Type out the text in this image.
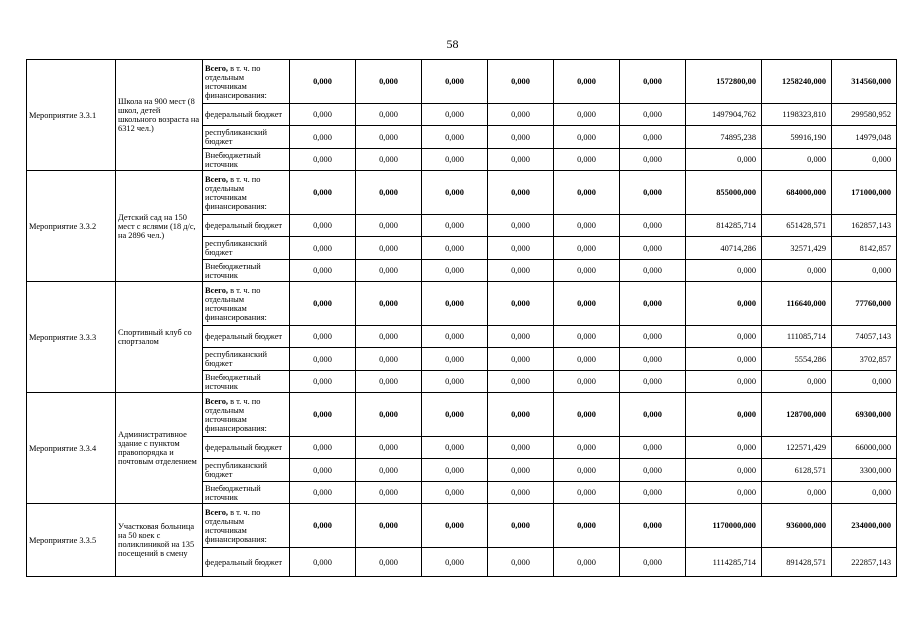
58
Мероприятие 3.3.1	Школа на 900 мест (8 школ, детей школьного возраста на 6312 чел.)	Всего, в т. ч. по отдельным источникам финансирования:	0,000	0,000	0,000	0,000	0,000	0,000	1572800,00	1258240,000	314560,000
		федеральный бюджет	0,000	0,000	0,000	0,000	0,000	0,000	1497904,762	1198323,810	299580,952
		республиканский бюджет	0,000	0,000	0,000	0,000	0,000	0,000	74895,238	59916,190	14979,048
		Внебюджетный источник	0,000	0,000	0,000	0,000	0,000	0,000	0,000	0,000	0,000
Мероприятие 3.3.2	Детский сад на 150 мест с яслями (18 д/с, на 2896 чел.)	Всего, в т. ч. по отдельным источникам финансирования:	0,000	0,000	0,000	0,000	0,000	0,000	855000,000	684000,000	171000,000
		федеральный бюджет	0,000	0,000	0,000	0,000	0,000	0,000	814285,714	651428,571	162857,143
		республиканский бюджет	0,000	0,000	0,000	0,000	0,000	0,000	40714,286	32571,429	8142,857
		Внебюджетный источник	0,000	0,000	0,000	0,000	0,000	0,000	0,000	0,000	0,000
Мероприятие 3.3.3	Спортивный клуб со спортзалом	Всего, в т. ч. по отдельным источникам финансирования:	0,000	0,000	0,000	0,000	0,000	0,000	0,000	116640,000	77760,000
		федеральный бюджет	0,000	0,000	0,000	0,000	0,000	0,000	0,000	111085,714	74057,143
		республиканский бюджет	0,000	0,000	0,000	0,000	0,000	0,000	0,000	5554,286	3702,857
		Внебюджетный источник	0,000	0,000	0,000	0,000	0,000	0,000	0,000	0,000	0,000
Мероприятие 3.3.4	Административное здание с пунктом правопорядка и почтовым отделением	Всего, в т. ч. по отдельным источникам финансирования:	0,000	0,000	0,000	0,000	0,000	0,000	0,000	128700,000	69300,000
		федеральный бюджет	0,000	0,000	0,000	0,000	0,000	0,000	0,000	122571,429	66000,000
		республиканский бюджет	0,000	0,000	0,000	0,000	0,000	0,000	0,000	6128,571	3300,000
		Внебюджетный источник	0,000	0,000	0,000	0,000	0,000	0,000	0,000	0,000	0,000
Мероприятие 3.3.5	Участковая больница на 50 коек с поликлиникой на 135 посещений в смену	Всего, в т. ч. по отдельным источникам финансирования:	0,000	0,000	0,000	0,000	0,000	0,000	1170000,000	936000,000	234000,000
		федеральный бюджет	0,000	0,000	0,000	0,000	0,000	0,000	1114285,714	891428,571	222857,143
